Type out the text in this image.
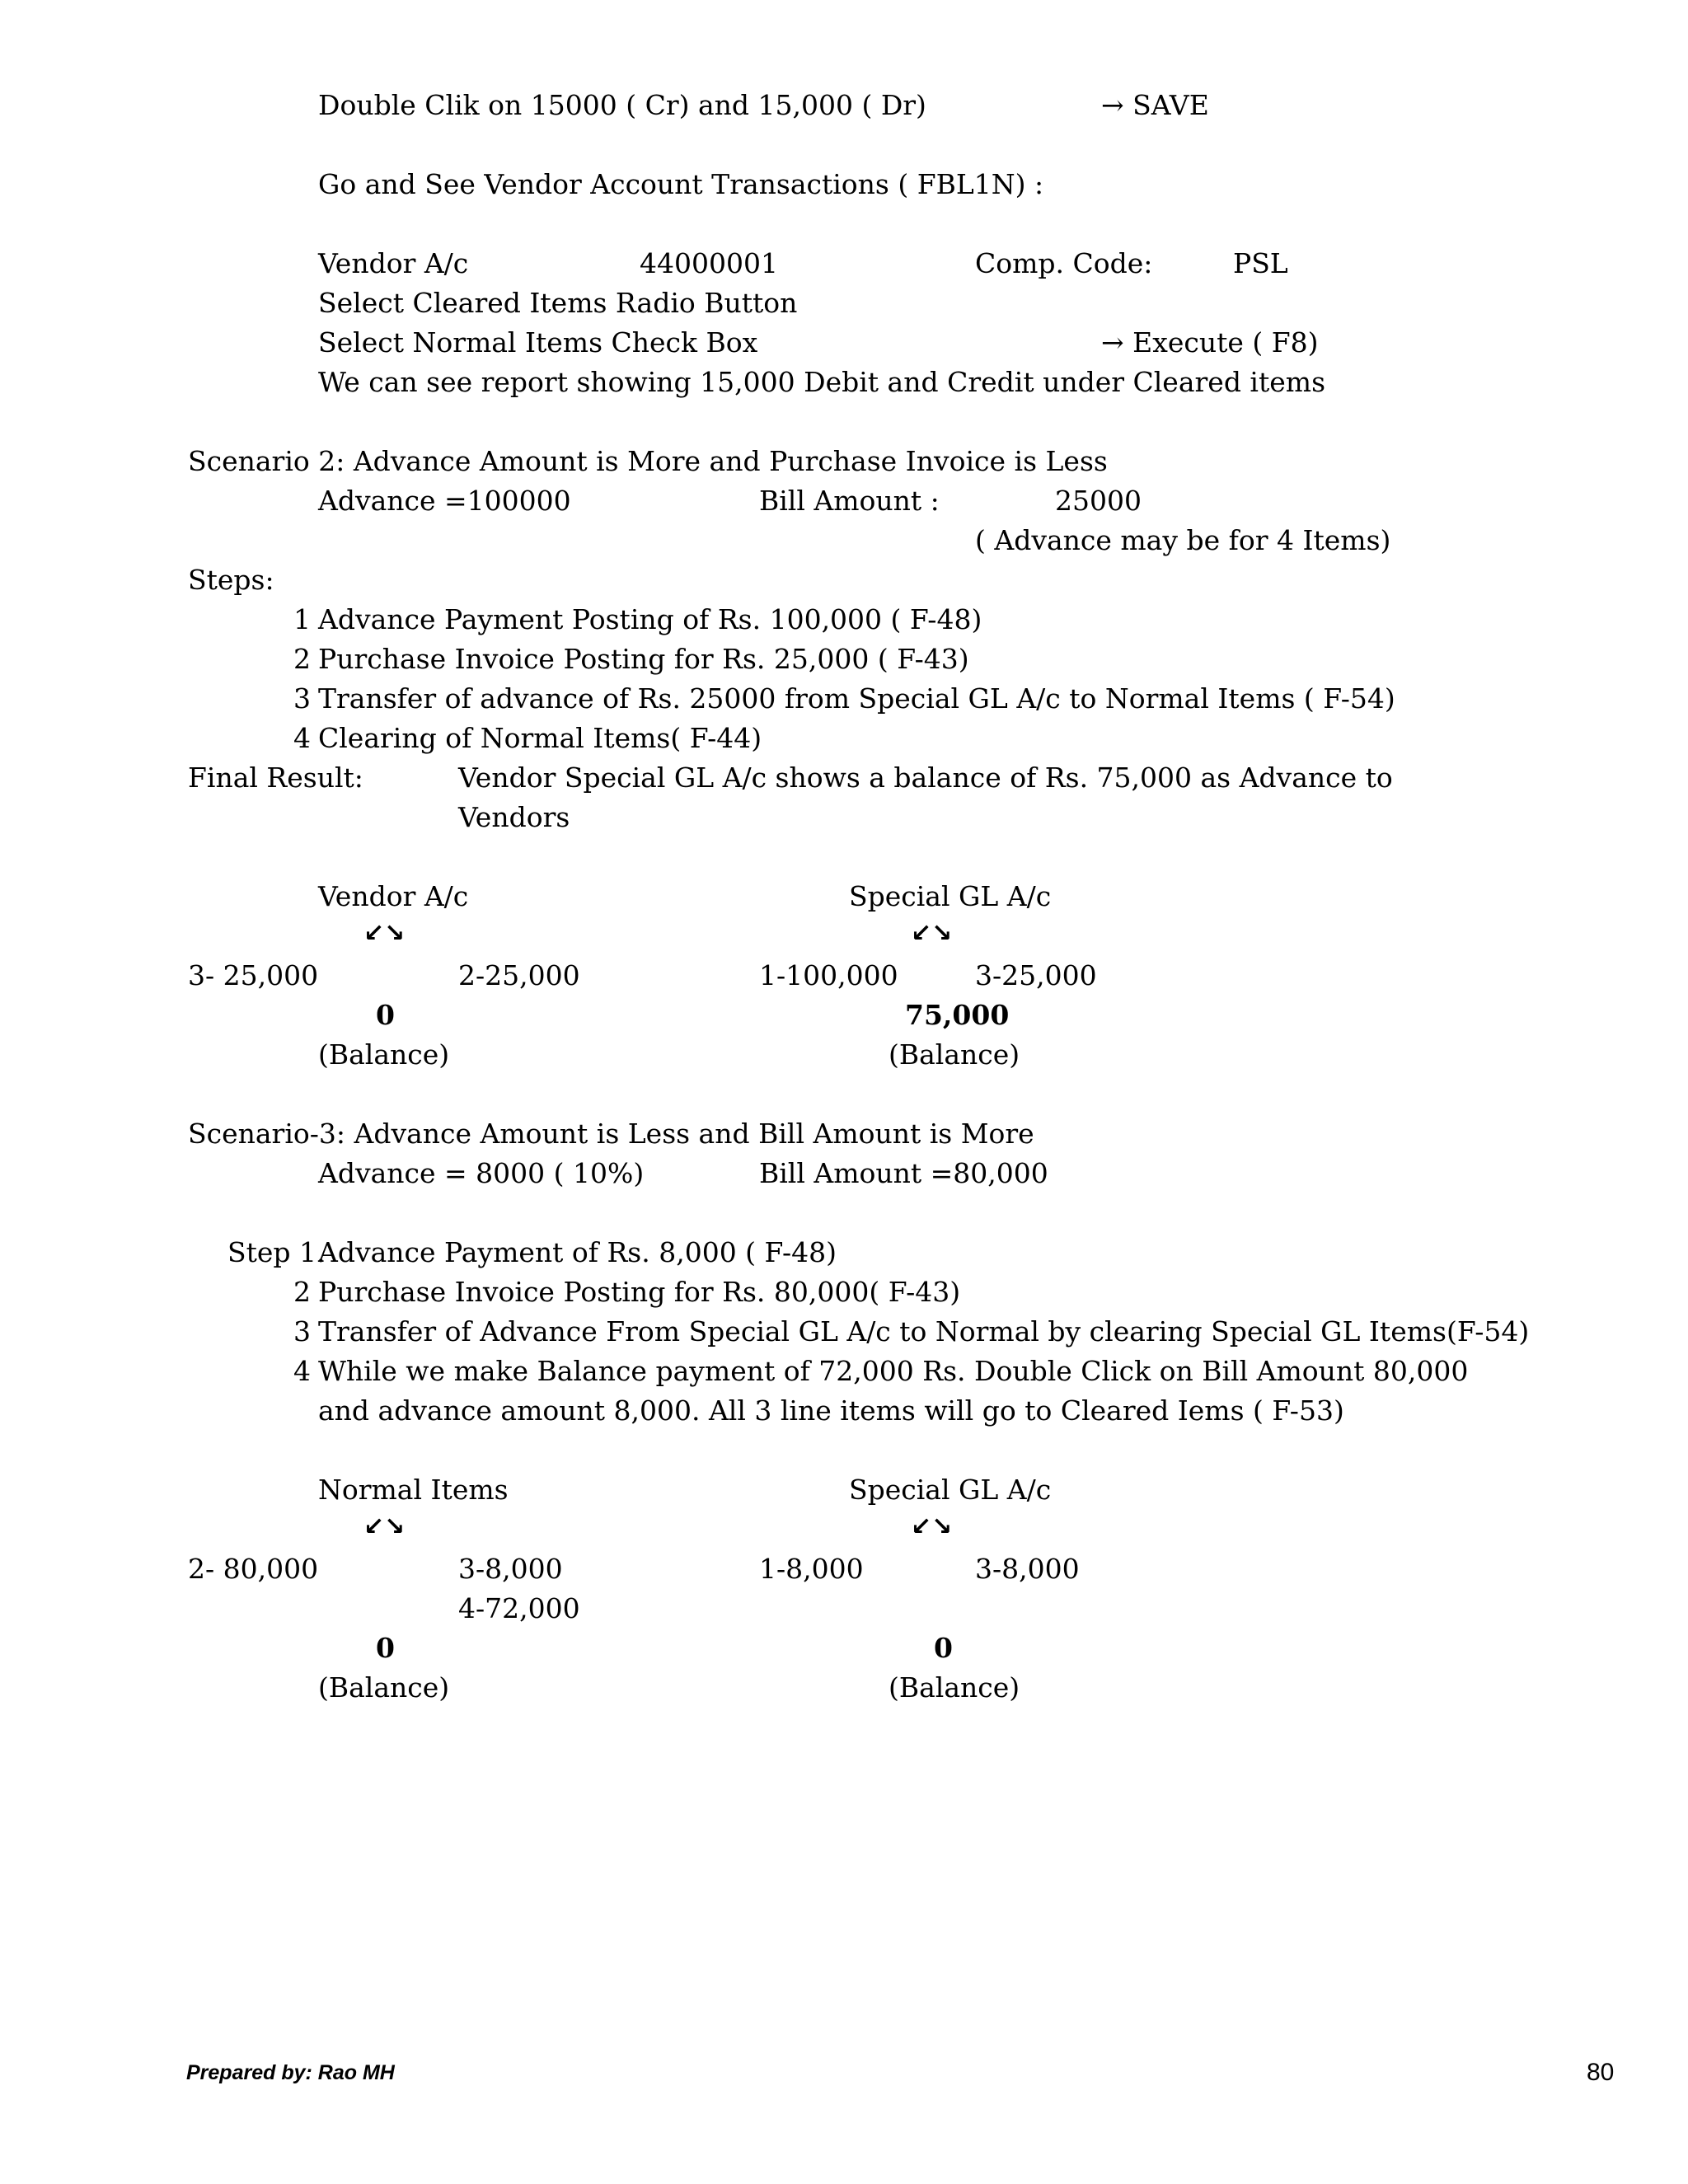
Double Clik on 15000 ( Cr) and 15,000 ( Dr)	→ SAVE
Go and See Vendor Account Transactions ( FBL1N) :
Vendor A/c	44000001	Comp. Code:	PSL
Select Cleared Items Radio Button
Select Normal Items Check Box	→ Execute ( F8)
We can see report showing 15,000 Debit and Credit under Cleared items
Scenario 2: Advance Amount is More and Purchase Invoice is Less
Advance =100000	Bill Amount :	25000
( Advance may be for 4 Items)
Steps:
1 Advance Payment Posting of Rs. 100,000 ( F-48)
2 Purchase Invoice Posting for Rs. 25,000 ( F-43)
3 Transfer of advance of Rs. 25000 from Special GL A/c to Normal Items ( F-54)
4 Clearing of Normal Items( F-44)
Final Result:	Vendor Special GL A/c shows a balance of Rs. 75,000 as Advance to
Vendors
Vendor A/c
↙↘
3- 25,000	2-25,000
0
(Balance)
Special GL A/c
↙↘
1-100,000	3-25,000
75,000
(Balance)
Scenario-3: Advance Amount is Less and Bill Amount is More
Advance = 8000 ( 10%)	Bill Amount =80,000
Step 1.
Advance Payment of Rs. 8,000 ( F-48)
2 Purchase Invoice Posting for Rs. 80,000( F-43)
3 Transfer of Advance From Special GL A/c to Normal by clearing Special GL Items(F-54)
4 While we make Balance payment of 72,000 Rs. Double Click on Bill Amount 80,000
and advance amount 8,000. All 3 line items will go to Cleared Iems ( F-53)
Normal Items
↙↘
2- 80,000	3-8,000
4-72,000
0
(Balance)
Special GL A/c
↙↘
1-8,000	3-8,000
0
(Balance)
Prepared by: Rao MH	80
